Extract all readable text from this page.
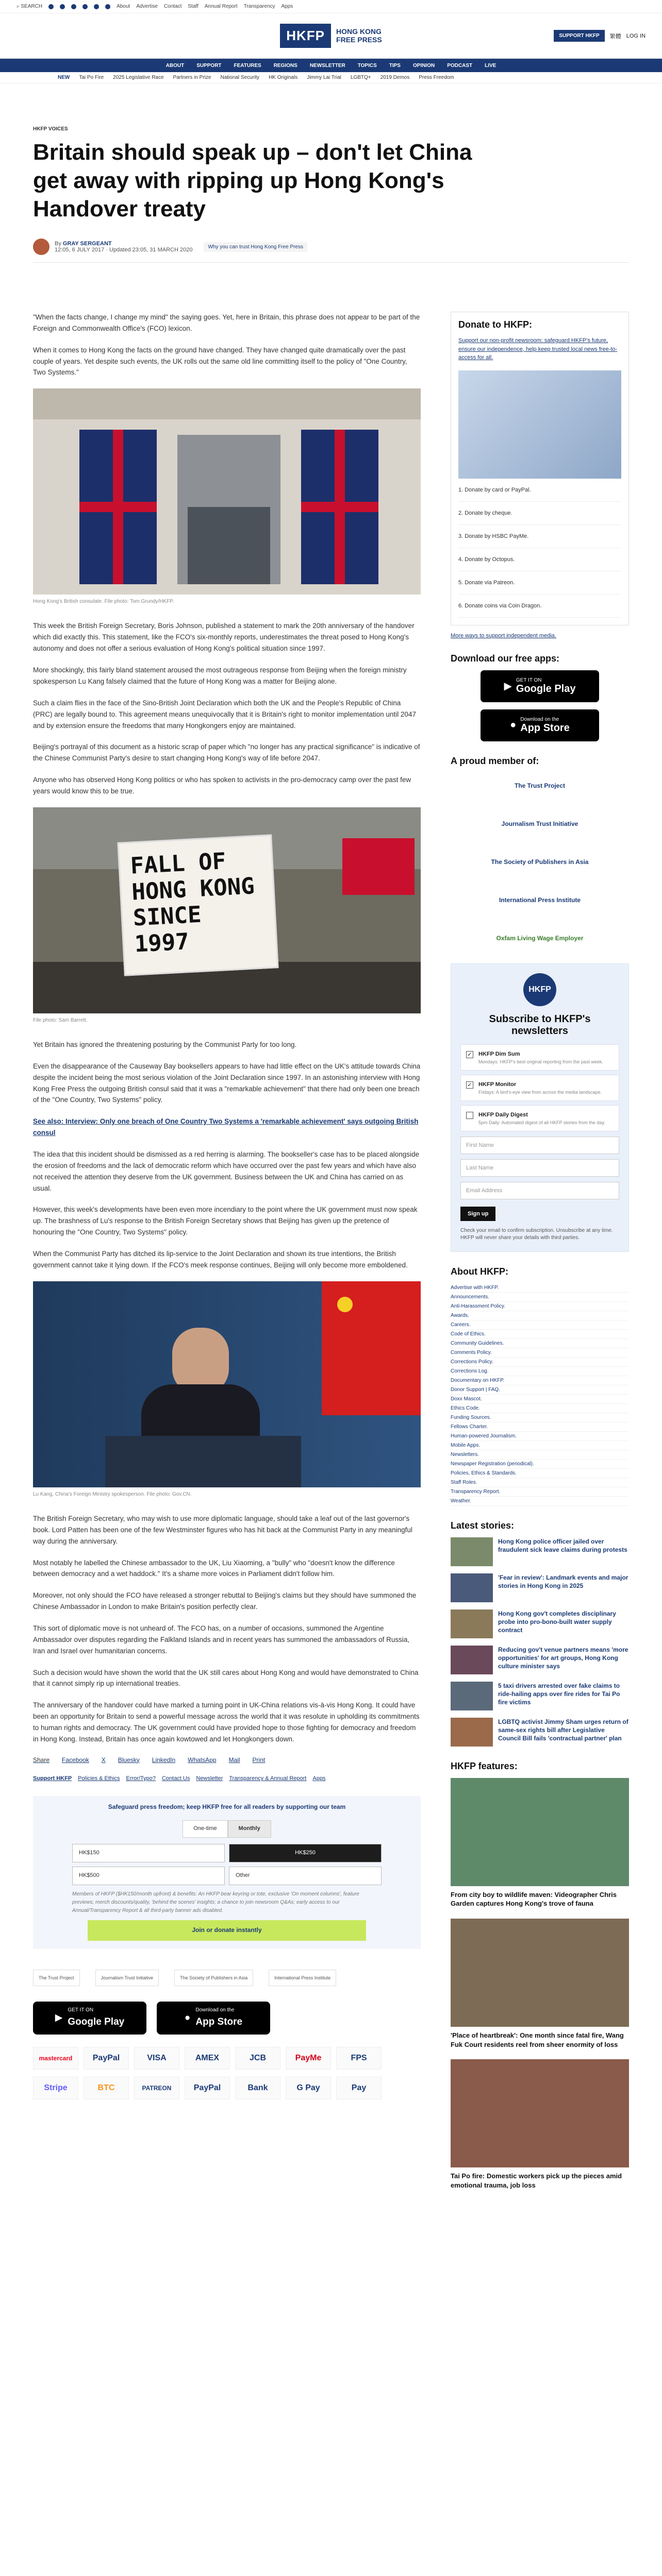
⌕ SEARCH	About Advertise Contact Staff Annual Report Transparency Apps
HKFP	HONG KONG
FREE PRESS	SUPPORT HKFP	繁體 LOG IN
ABOUT SUPPORT FEATURES REGIONS NEWSLETTER TOPICS TIPS OPINION PODCAST LIVE
NEW Tai Po Fire 2025 Legislative Race Partners in Prize National Security HK Originals Jimmy Lai Trial LGBTQ+ 2019 Demos Press Freedom
HKFP VOICES
Britain should speak up – don't let China get away with ripping up Hong Kong's Handover treaty
By GRAY SERGEANT
12:05, 6 JULY 2017 · Updated 23:05, 31 MARCH 2020	Why you can trust Hong Kong Free Press

"When the facts change, I change my mind" the saying goes. Yet, here in Britain, this phrase does not appear to be part of the Foreign and Commonwealth Office's (FCO) lexicon.

When it comes to Hong Kong the facts on the ground have changed. They have changed quite dramatically over the past couple of years. Yet despite such events, the UK rolls out the same old line committing itself to the policy of "One Country, Two Systems."

Hong Kong's British consulate. File photo: Tom Grundy/HKFP.

This week the British Foreign Secretary, Boris Johnson, published a statement to mark the 20th anniversary of the handover which did exactly this. This statement, like the FCO's six-monthly reports, underestimates the threat posed to Hong Kong's autonomy and does not offer a serious evaluation of Hong Kong's political situation since 1997.

More shockingly, this fairly bland statement aroused the most outrageous response from Beijing when the foreign ministry spokesperson Lu Kang falsely claimed that the future of Hong Kong was a matter for Beijing alone.

Such a claim flies in the face of the Sino-British Joint Declaration which both the UK and the People's Republic of China (PRC) are legally bound to. This agreement means unequivocally that it is Britain's right to monitor implementation until 2047 and by extension ensure the freedoms that many Hongkongers enjoy are maintained.

Beijing's portrayal of this document as a historic scrap of paper which "no longer has any practical significance" is indicative of the Chinese Communist Party's desire to start changing Hong Kong's way of life before 2047.

Anyone who has observed Hong Kong politics or who has spoken to activists in the pro-democracy camp over the past few years would know this to be true.

FALL OF HONG KONG SINCE 1997
File photo: Sam Barrett.

Yet Britain has ignored the threatening posturing by the Communist Party for too long.

Even the disappearance of the Causeway Bay booksellers appears to have had little effect on the UK's attitude towards China despite the incident being the most serious violation of the Joint Declaration since 1997. In an astonishing interview with Hong Kong Free Press the outgoing British consul said that it was a "remarkable achievement" that there had only been one breach of the "One Country, Two Systems" policy.

See also: Interview: Only one breach of One Country Two Systems a 'remarkable achievement' says outgoing British consul

The idea that this incident should be dismissed as a red herring is alarming. The bookseller's case has to be placed alongside the erosion of freedoms and the lack of democratic reform which have occurred over the past few years and which have also not received the attention they deserve from the UK government. Business between the UK and China has carried on as usual.

However, this week's developments have been even more incendiary to the point where the UK government must now speak up. The brashness of Lu's response to the British Foreign Secretary shows that Beijing has given up the pretence of honouring the "One Country, Two Systems" policy.

When the Communist Party has ditched its lip-service to the Joint Declaration and shown its true intentions, the British government cannot take it lying down. If the FCO's meek response continues, Beijing will only become more emboldened.

Lu Kang, China's Foreign Ministry spokesperson. File photo: Gov.CN.

The British Foreign Secretary, who may wish to use more diplomatic language, should take a leaf out of the last governor's book. Lord Patten has been one of the few Westminster figures who has hit back at the Communist Party in any meaningful way during the anniversary.

Most notably he labelled the Chinese ambassador to the UK, Liu Xiaoming, a "bully" who "doesn't know the difference between democracy and a wet haddock." It's a shame more voices in Parliament didn't follow him.

Moreover, not only should the FCO have released a stronger rebuttal to Beijing's claims but they should have summoned the Chinese Ambassador in London to make Britain's position perfectly clear.

This sort of diplomatic move is not unheard of. The FCO has, on a number of occasions, summoned the Argentine Ambassador over disputes regarding the Falkland Islands and in recent years has summoned the ambassadors of Russia, Iran and Israel over humanitarian concerns.

Such a decision would have shown the world that the UK still cares about Hong Kong and would have demonstrated to China that it cannot simply rip up international treaties.

The anniversary of the handover could have marked a turning point in UK-China relations vis-à-vis Hong Kong. It could have been an opportunity for Britain to send a powerful message across the world that it was resolute in upholding its commitments to human rights and democracy. The UK government could have provided hope to those fighting for democracy and freedom in Hong Kong. Instead, Britain has once again kowtowed and let Hongkongers down.

Share Facebook X Bluesky LinkedIn WhatsApp Mail Print
Support HKFP Policies & Ethics Error/Typo? Contact Us Newsletter Transparency & Annual Report Apps
Safeguard press freedom; keep HKFP free for all readers by supporting our team
One-time	Monthly
HK$150	HK$250
HK$500	Other
Members of HKFP ($HK150/month upfront) & benefits: An HKFP bear keyring or tote, exclusive 'On moment columns', feature previews; merch discounts/quality, 'behind the scenes' insights; a chance to join newsroom Q&As; early access to our Annual/Transparency Report & all third-party banner ads disabled.
Join or donate instantly
The Trust Project	Journalism Trust Initiative	The Society of Publishers in Asia	International Press Institute
▶
GET IT ON
Google Play	●
Download on the
App Store
mastercard	PayPal	VISA	AMEX	JCB	PayMe	FPS
Stripe	BTC	PATREON	PayPal	Bank	G Pay	Pay
Donate to HKFP:
Support our non-profit newsroom: safeguard HKFP's future, ensure our independence, help keep trusted local news free-to-access for all.
1. Donate by card or PayPal.
2. Donate by cheque.
3. Donate by HSBC PayMe.
4. Donate by Octopus.
5. Donate via Patreon.
6. Donate coins via Coin Dragon.
More ways to support independent media.
Download our free apps:
▶
GET IT ON
Google Play
● Download on the
App Store
A proud member of:
The Trust Project
Journalism Trust Initiative
The Society of Publishers in Asia
International Press Institute
Oxfam Living Wage Employer
HKFP
Subscribe to HKFP's newsletters
✓ HKFP Dim Sum

Mondays: HKFP's best original reporting from the past week.

✓ HKFP Monitor

Fridays: A bird's-eye view from across the media landscape.

HKFP Daily Digest

5pm Daily: Automated digest of all HKFP stories from the day.

First Name
Last Name
Email Address
Sign up
Check your email to confirm subscription. Unsubscribe at any time. HKFP will never share your details with third parties.
About HKFP:
Advertise with HKFP.
Announcements.
Anti-Harassment Policy.
Awards.
Careers.
Code of Ethics.
Community Guidelines.
Comments Policy.
Corrections Policy.
Corrections Log.
Documentary on HKFP.
Donor Support | FAQ.
Doxx Mascot.
Ethics Code.
Funding Sources.
Fellows Charter.
Human-powered Journalism.
Mobile Apps.
Newsletters.
Newspaper Registration (periodical).
Policies, Ethics & Standards.
Staff Roles.
Transparency Report.
Weather.
Latest stories:
Hong Kong police officer jailed over fraudulent sick leave claims during protests
'Fear in review': Landmark events and major stories in Hong Kong in 2025
Hong Kong gov't completes disciplinary probe into pro-bono-built water supply contract
Reducing gov't venue partners means 'more opportunities' for art groups, Hong Kong culture minister says
5 taxi drivers arrested over fake claims to ride-hailing apps over fire rides for Tai Po fire victims
LGBTQ activist Jimmy Sham urges return of same-sex rights bill after Legislative Council Bill fails 'contractual partner' plan
HKFP features:
From city boy to wildlife maven: Videographer Chris Garden captures Hong Kong's trove of fauna
'Place of heartbreak': One month since fatal fire, Wang Fuk Court residents reel from sheer enormity of loss
Tai Po fire: Domestic workers pick up the pieces amid emotional trauma, job loss
